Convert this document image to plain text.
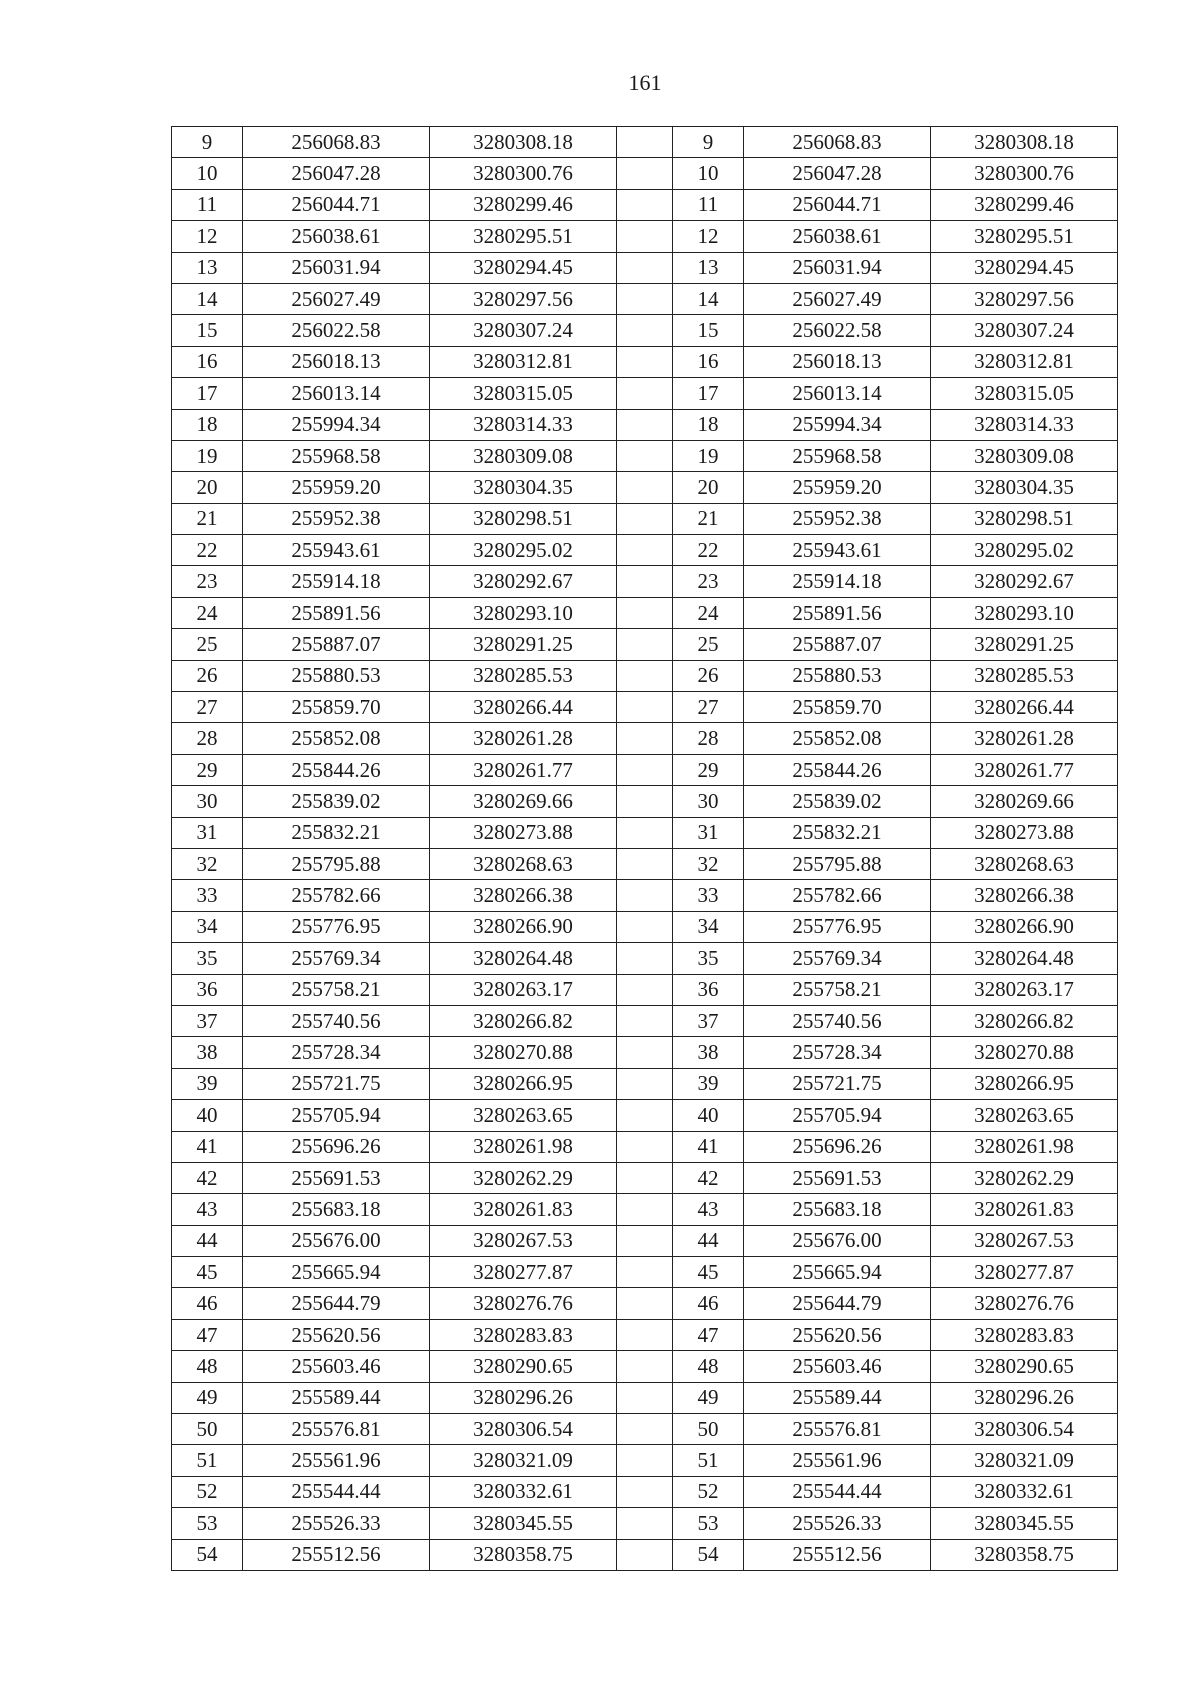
161
9	256068.83	3280308.18		9	256068.83	3280308.18
10	256047.28	3280300.76		10	256047.28	3280300.76
11	256044.71	3280299.46		11	256044.71	3280299.46
12	256038.61	3280295.51		12	256038.61	3280295.51
13	256031.94	3280294.45		13	256031.94	3280294.45
14	256027.49	3280297.56		14	256027.49	3280297.56
15	256022.58	3280307.24		15	256022.58	3280307.24
16	256018.13	3280312.81		16	256018.13	3280312.81
17	256013.14	3280315.05		17	256013.14	3280315.05
18	255994.34	3280314.33		18	255994.34	3280314.33
19	255968.58	3280309.08		19	255968.58	3280309.08
20	255959.20	3280304.35		20	255959.20	3280304.35
21	255952.38	3280298.51		21	255952.38	3280298.51
22	255943.61	3280295.02		22	255943.61	3280295.02
23	255914.18	3280292.67		23	255914.18	3280292.67
24	255891.56	3280293.10		24	255891.56	3280293.10
25	255887.07	3280291.25		25	255887.07	3280291.25
26	255880.53	3280285.53		26	255880.53	3280285.53
27	255859.70	3280266.44		27	255859.70	3280266.44
28	255852.08	3280261.28		28	255852.08	3280261.28
29	255844.26	3280261.77		29	255844.26	3280261.77
30	255839.02	3280269.66		30	255839.02	3280269.66
31	255832.21	3280273.88		31	255832.21	3280273.88
32	255795.88	3280268.63		32	255795.88	3280268.63
33	255782.66	3280266.38		33	255782.66	3280266.38
34	255776.95	3280266.90		34	255776.95	3280266.90
35	255769.34	3280264.48		35	255769.34	3280264.48
36	255758.21	3280263.17		36	255758.21	3280263.17
37	255740.56	3280266.82		37	255740.56	3280266.82
38	255728.34	3280270.88		38	255728.34	3280270.88
39	255721.75	3280266.95		39	255721.75	3280266.95
40	255705.94	3280263.65		40	255705.94	3280263.65
41	255696.26	3280261.98		41	255696.26	3280261.98
42	255691.53	3280262.29		42	255691.53	3280262.29
43	255683.18	3280261.83		43	255683.18	3280261.83
44	255676.00	3280267.53		44	255676.00	3280267.53
45	255665.94	3280277.87		45	255665.94	3280277.87
46	255644.79	3280276.76		46	255644.79	3280276.76
47	255620.56	3280283.83		47	255620.56	3280283.83
48	255603.46	3280290.65		48	255603.46	3280290.65
49	255589.44	3280296.26		49	255589.44	3280296.26
50	255576.81	3280306.54		50	255576.81	3280306.54
51	255561.96	3280321.09		51	255561.96	3280321.09
52	255544.44	3280332.61		52	255544.44	3280332.61
53	255526.33	3280345.55		53	255526.33	3280345.55
54	255512.56	3280358.75		54	255512.56	3280358.75
